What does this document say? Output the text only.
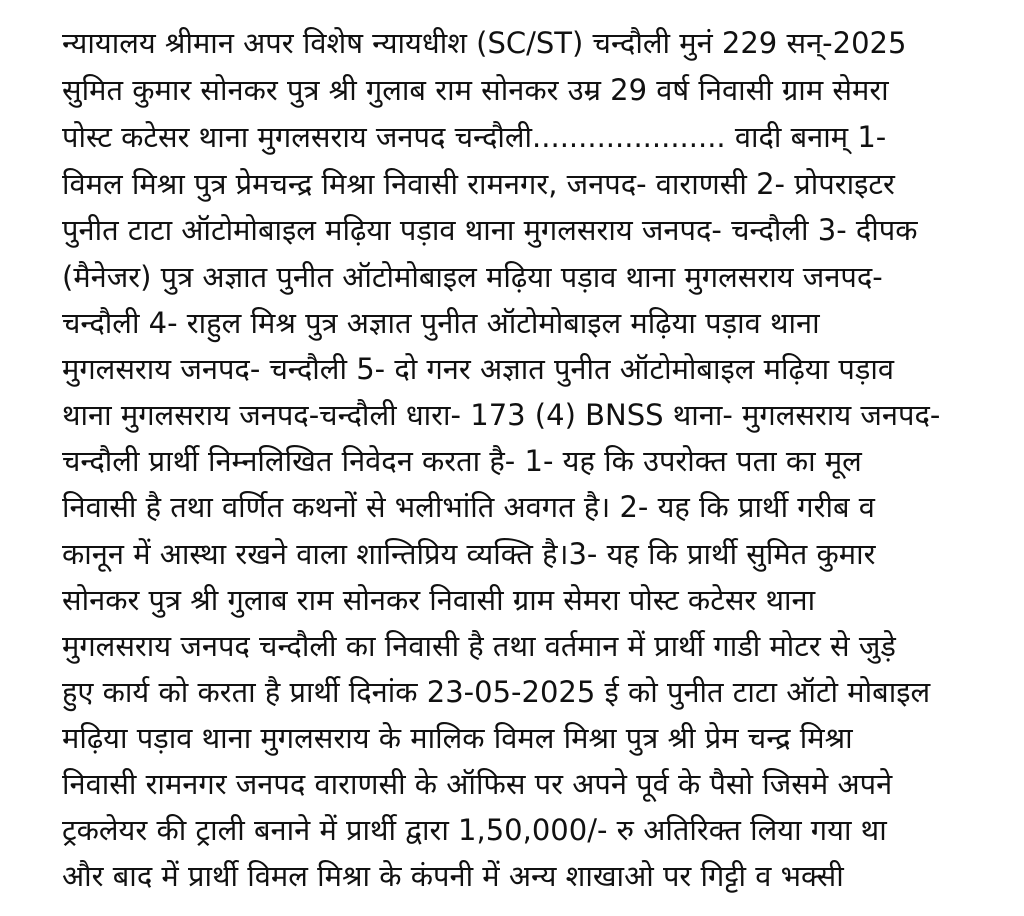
न्यायालय श्रीमान अपर विशेष न्यायधीश (SC/ST) चन्दौली मुनं 229 सन्-2025
सुमित कुमार सोनकर पुत्र श्री गुलाब राम सोनकर उम्र 29 वर्ष निवासी ग्राम सेमरा
पोस्ट कटेसर थाना मुगलसराय जनपद चन्दौली..................... वादी बनाम् 1-
विमल मिश्रा पुत्र प्रेमचन्द्र मिश्रा निवासी रामनगर, जनपद- वाराणसी 2- प्रोपराइटर
पुनीत टाटा ऑटोमोबाइल मढ़िया पड़ाव थाना मुगलसराय जनपद- चन्दौली 3- दीपक
(मैनेजर) पुत्र अज्ञात पुनीत ऑटोमोबाइल मढ़िया पड़ाव थाना मुगलसराय जनपद-
चन्दौली 4- राहुल मिश्र पुत्र अज्ञात पुनीत ऑटोमोबाइल मढ़िया पड़ाव थाना
मुगलसराय जनपद- चन्दौली 5- दो गनर अज्ञात पुनीत ऑटोमोबाइल मढ़िया पड़ाव
थाना मुगलसराय जनपद-चन्दौली धारा- 173 (4) BNSS थाना- मुगलसराय जनपद-
चन्दौली प्रार्थी निम्नलिखित निवेदन करता है- 1- यह कि उपरोक्त पता का मूल
निवासी है तथा वर्णित कथनों से भलीभांति अवगत है। 2- यह कि प्रार्थी गरीब व
कानून में आस्था रखने वाला शान्तिप्रिय व्यक्ति है।3- यह कि प्रार्थी सुमित कुमार
सोनकर पुत्र श्री गुलाब राम सोनकर निवासी ग्राम सेमरा पोस्ट कटेसर थाना
मुगलसराय जनपद चन्दौली का निवासी है तथा वर्तमान में प्रार्थी गाडी मोटर से जुड़े
हुए कार्य को करता है प्रार्थी दिनांक 23-05-2025 ई को पुनीत टाटा ऑटो मोबाइल
मढ़िया पड़ाव थाना मुगलसराय के मालिक विमल मिश्रा पुत्र श्री प्रेम चन्द्र मिश्रा
निवासी रामनगर जनपद वाराणसी के ऑफिस पर अपने पूर्व के पैसो जिसमे अपने
ट्रकलेयर की ट्राली बनाने में प्रार्थी द्वारा 1,50,000/- रु अतिरिक्त लिया गया था
और बाद में प्रार्थी विमल मिश्रा के कंपनी में अन्य शाखाओ पर गिट्टी व भक्सी
